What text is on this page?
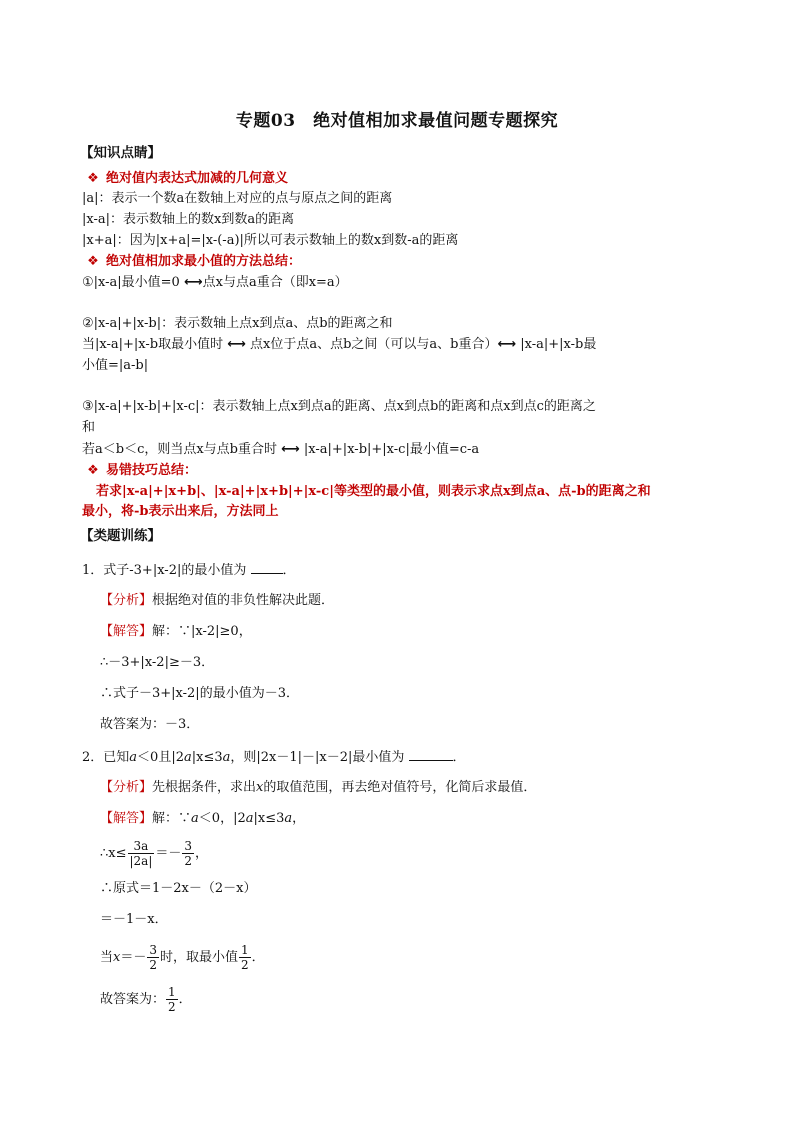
专题03　绝对值相加求最值问题专题探究
【知识点睛】
❖ 绝对值内表达式加减的几何意义
|a|：表示一个数a在数轴上对应的点与原点之间的距离
|x-a|：表示数轴上的数x到数a的距离
|x+a|：因为|x+a|=|x-(-a)|所以可表示数轴上的数x到数-a的距离
❖ 绝对值相加求最小值的方法总结：
①|x-a|最小值=0 ⟷点x与点a重合（即x=a）
②|x-a|+|x-b|：表示数轴上点x到点a、点b的距离之和
当|x-a|+|x-b取最小值时 ⟷ 点x位于点a、点b之间（可以与a、b重合）⟷ |x-a|+|x-b最
小值=|a-b|
③|x-a|+|x-b|+|x-c|：表示数轴上点x到点a的距离、点x到点b的距离和点x到点c的距离之
和
若a＜b＜c，则当点x与点b重合时 ⟷ |x-a|+|x-b|+|x-c|最小值=c-a
❖ 易错技巧总结：
若求|x-a|+|x+b|、|x-a|+|x+b|+|x-c|等类型的最小值，则表示求点x到点a、点-b的距离之和
最小，将-b表示出来后，方法同上
【类题训练】
1．式子-3+|x-2|的最小值为	．
【分析】根据绝对值的非负性解决此题．
【解答】解：∵|x-2|≥0，
∴－3+|x-2|≥－3．
∴式子－3+|x-2|的最小值为－3．
故答案为：－3．
2．已知a＜0且|2a|x≤3a，则|2x－1|－|x－2|最小值为	．
【分析】先根据条件，求出x的取值范围，再去绝对值符号，化简后求最值．
【解答】解：∵a＜0，|2a|x≤3a，
∴x≤ $\frac{3a}{|2a|} =- \frac{3}{2}$ ，
∴原式＝1－2x－（2－x）
＝－1－x．
当$x=- \frac{3}{2}$ 时，取最小值 $\frac{1}{2}$ ．
故答案为： $\frac{1}{2}$ ．
